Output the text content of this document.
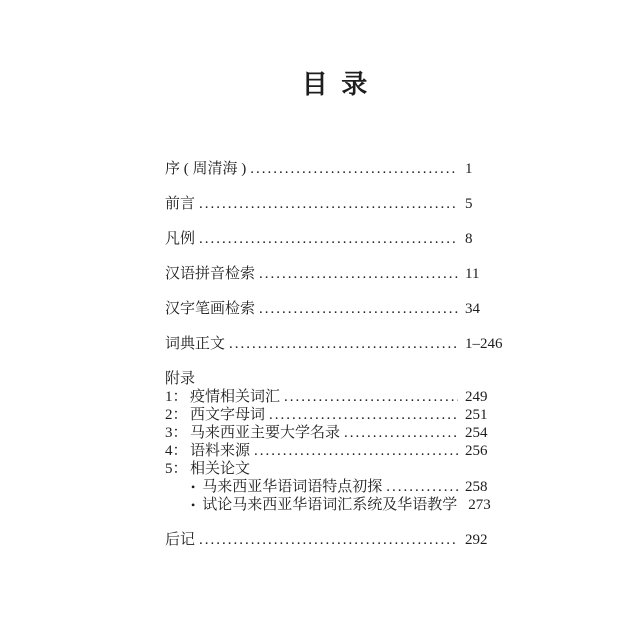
目 录
序 ( 周清海 ) .....	1
前言 .....	5
凡例 .....	8
汉语拼音检索 .....	11
汉字笔画检索 .....	34
词典正文 .....	1–246
附录
1： 疫情相关词汇 .....	249
2： 西文字母词 .....	251
3： 马来西亚主要大学名录 .....	254
4： 语料来源 .....	256
5： 相关论文
• 马来西亚华语词语特点初探 .....	258
• 试论马来西亚华语词汇系统及华语教学 273
后记 .....	292
